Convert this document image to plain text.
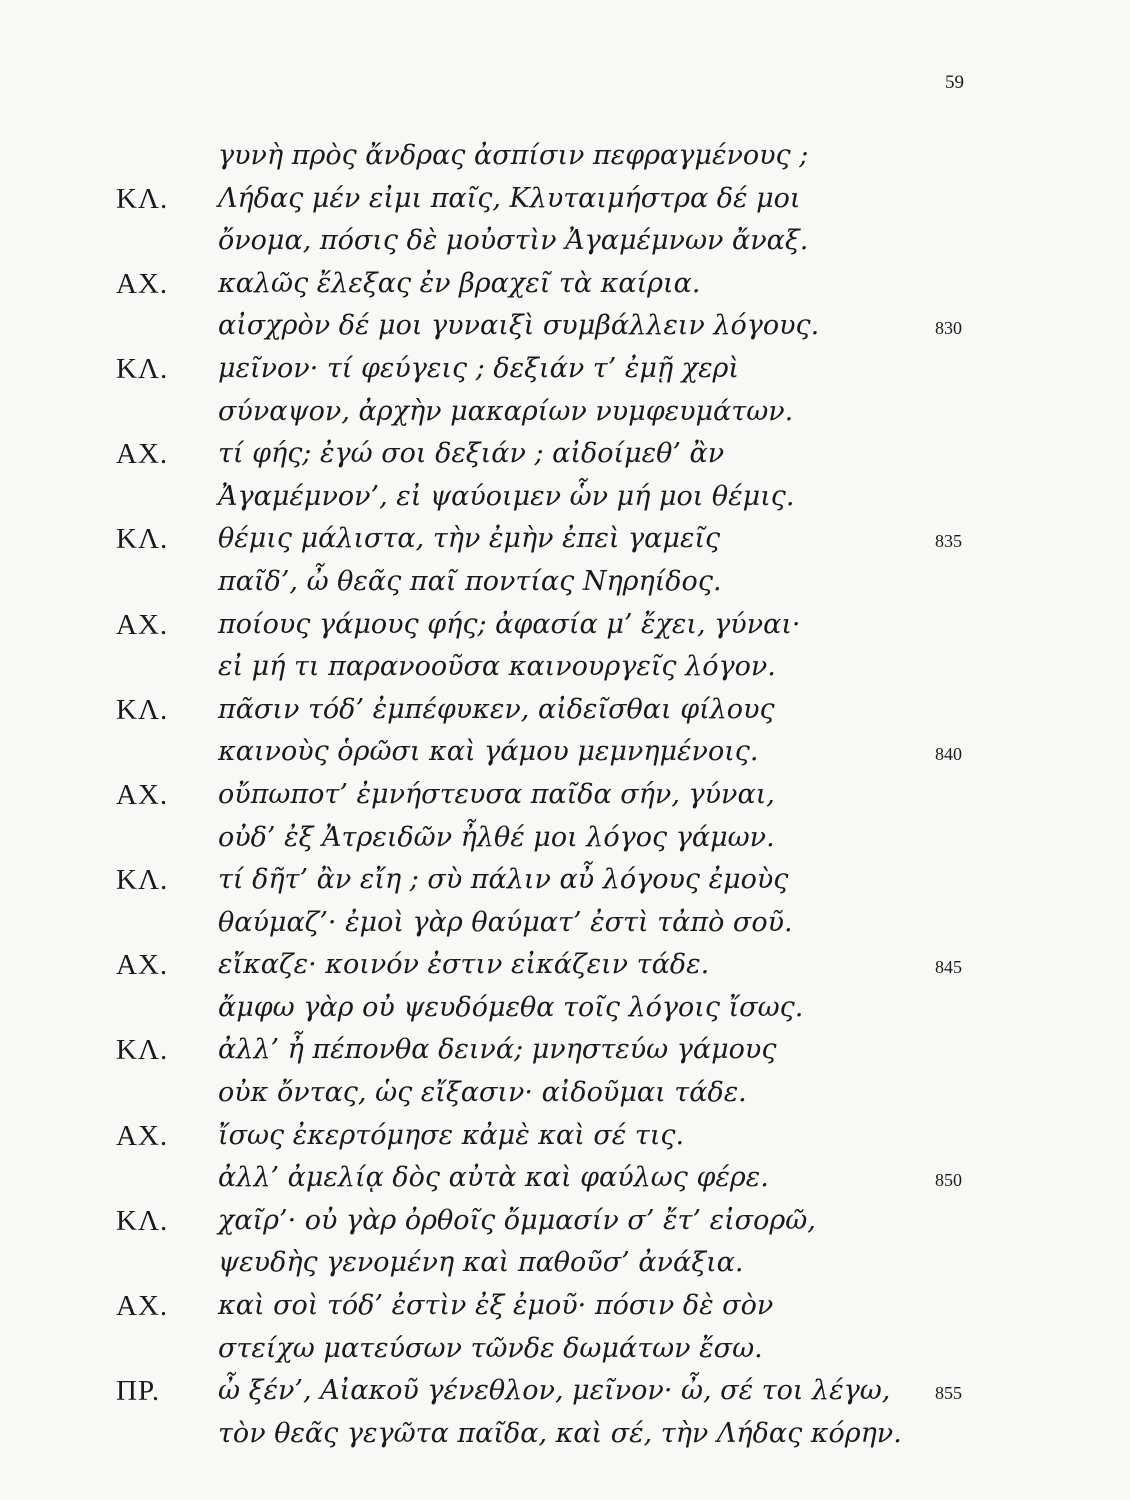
59
γυνὴ πρὸς ἄνδρας ἀσπίσιν πεφραγμένους ;
ΚΛ. Λήδας μέν εἰμι παῖς, Κλυταιμήστρα δέ μοι
ὄνομα, πόσις δὲ μοὐστὶν Ἀγαμέμνων ἄναξ.
ΑΧ. καλῶς ἔλεξας ἐν βραχεῖ τὰ καίρια.
αἰσχρὸν δέ μοι γυναιξὶ συμβάλλειν λόγους.	830
ΚΛ. μεῖνον· τί φεύγεις ; δεξιάν τ’ ἐμῇ χερὶ
σύναψον, ἀρχὴν μακαρίων νυμφευμάτων.
ΑΧ. τί φής; ἐγώ σοι δεξιάν ; αἰδοίμεθ’ ἂν
Ἀγαμέμνον’, εἰ ψαύοιμεν ὧν μή μοι θέμις.
ΚΛ. θέμις μάλιστα, τὴν ἐμὴν ἐπεὶ γαμεῖς	835
παῖδ’, ὦ θεᾶς παῖ ποντίας Νηρηίδος.
ΑΧ. ποίους γάμους φής; ἀφασία μ’ ἔχει, γύναι·
εἰ μή τι παρανοοῦσα καινουργεῖς λόγον.
ΚΛ. πᾶσιν τόδ’ ἐμπέφυκεν, αἰδεῖσθαι φίλους
καινοὺς ὁρῶσι καὶ γάμου μεμνημένοις.	840
ΑΧ. οὔπωποτ’ ἐμνήστευσα παῖδα σήν, γύναι,
οὐδ’ ἐξ Ἀτρειδῶν ἦλθέ μοι λόγος γάμων.
ΚΛ. τί δῆτ’ ἂν εἴη ; σὺ πάλιν αὖ λόγους ἐμοὺς
θαύμαζ’· ἐμοὶ γὰρ θαύματ’ ἐστὶ τἀπὸ σοῦ.
ΑΧ. εἴκαζε· κοινόν ἐστιν εἰκάζειν τάδε.	845
ἄμφω γὰρ οὐ ψευδόμεθα τοῖς λόγοις ἴσως.
ΚΛ. ἀλλ’ ἦ πέπονθα δεινά; μνηστεύω γάμους
οὐκ ὄντας, ὡς εἴξασιν· αἰδοῦμαι τάδε.
ΑΧ. ἴσως ἐκερτόμησε κἀμὲ καὶ σέ τις.
ἀλλ’ ἀμελίᾳ δὸς αὐτὰ καὶ φαύλως φέρε.	850
ΚΛ. χαῖρ’· οὐ γὰρ ὀρθοῖς ὄμμασίν σ’ ἔτ’ εἰσορῶ,
ψευδὴς γενομένη καὶ παθοῦσ’ ἀνάξια.
ΑΧ. καὶ σοὶ τόδ’ ἐστὶν ἐξ ἐμοῦ· πόσιν δὲ σὸν
στείχω ματεύσων τῶνδε δωμάτων ἔσω.
ΠΡ. ὦ ξέν’, Αἰακοῦ γένεθλον, μεῖνον· ὦ, σέ τοι λέγω, 855
τὸν θεᾶς γεγῶτα παῖδα, καὶ σέ, τὴν Λήδας κόρην.
